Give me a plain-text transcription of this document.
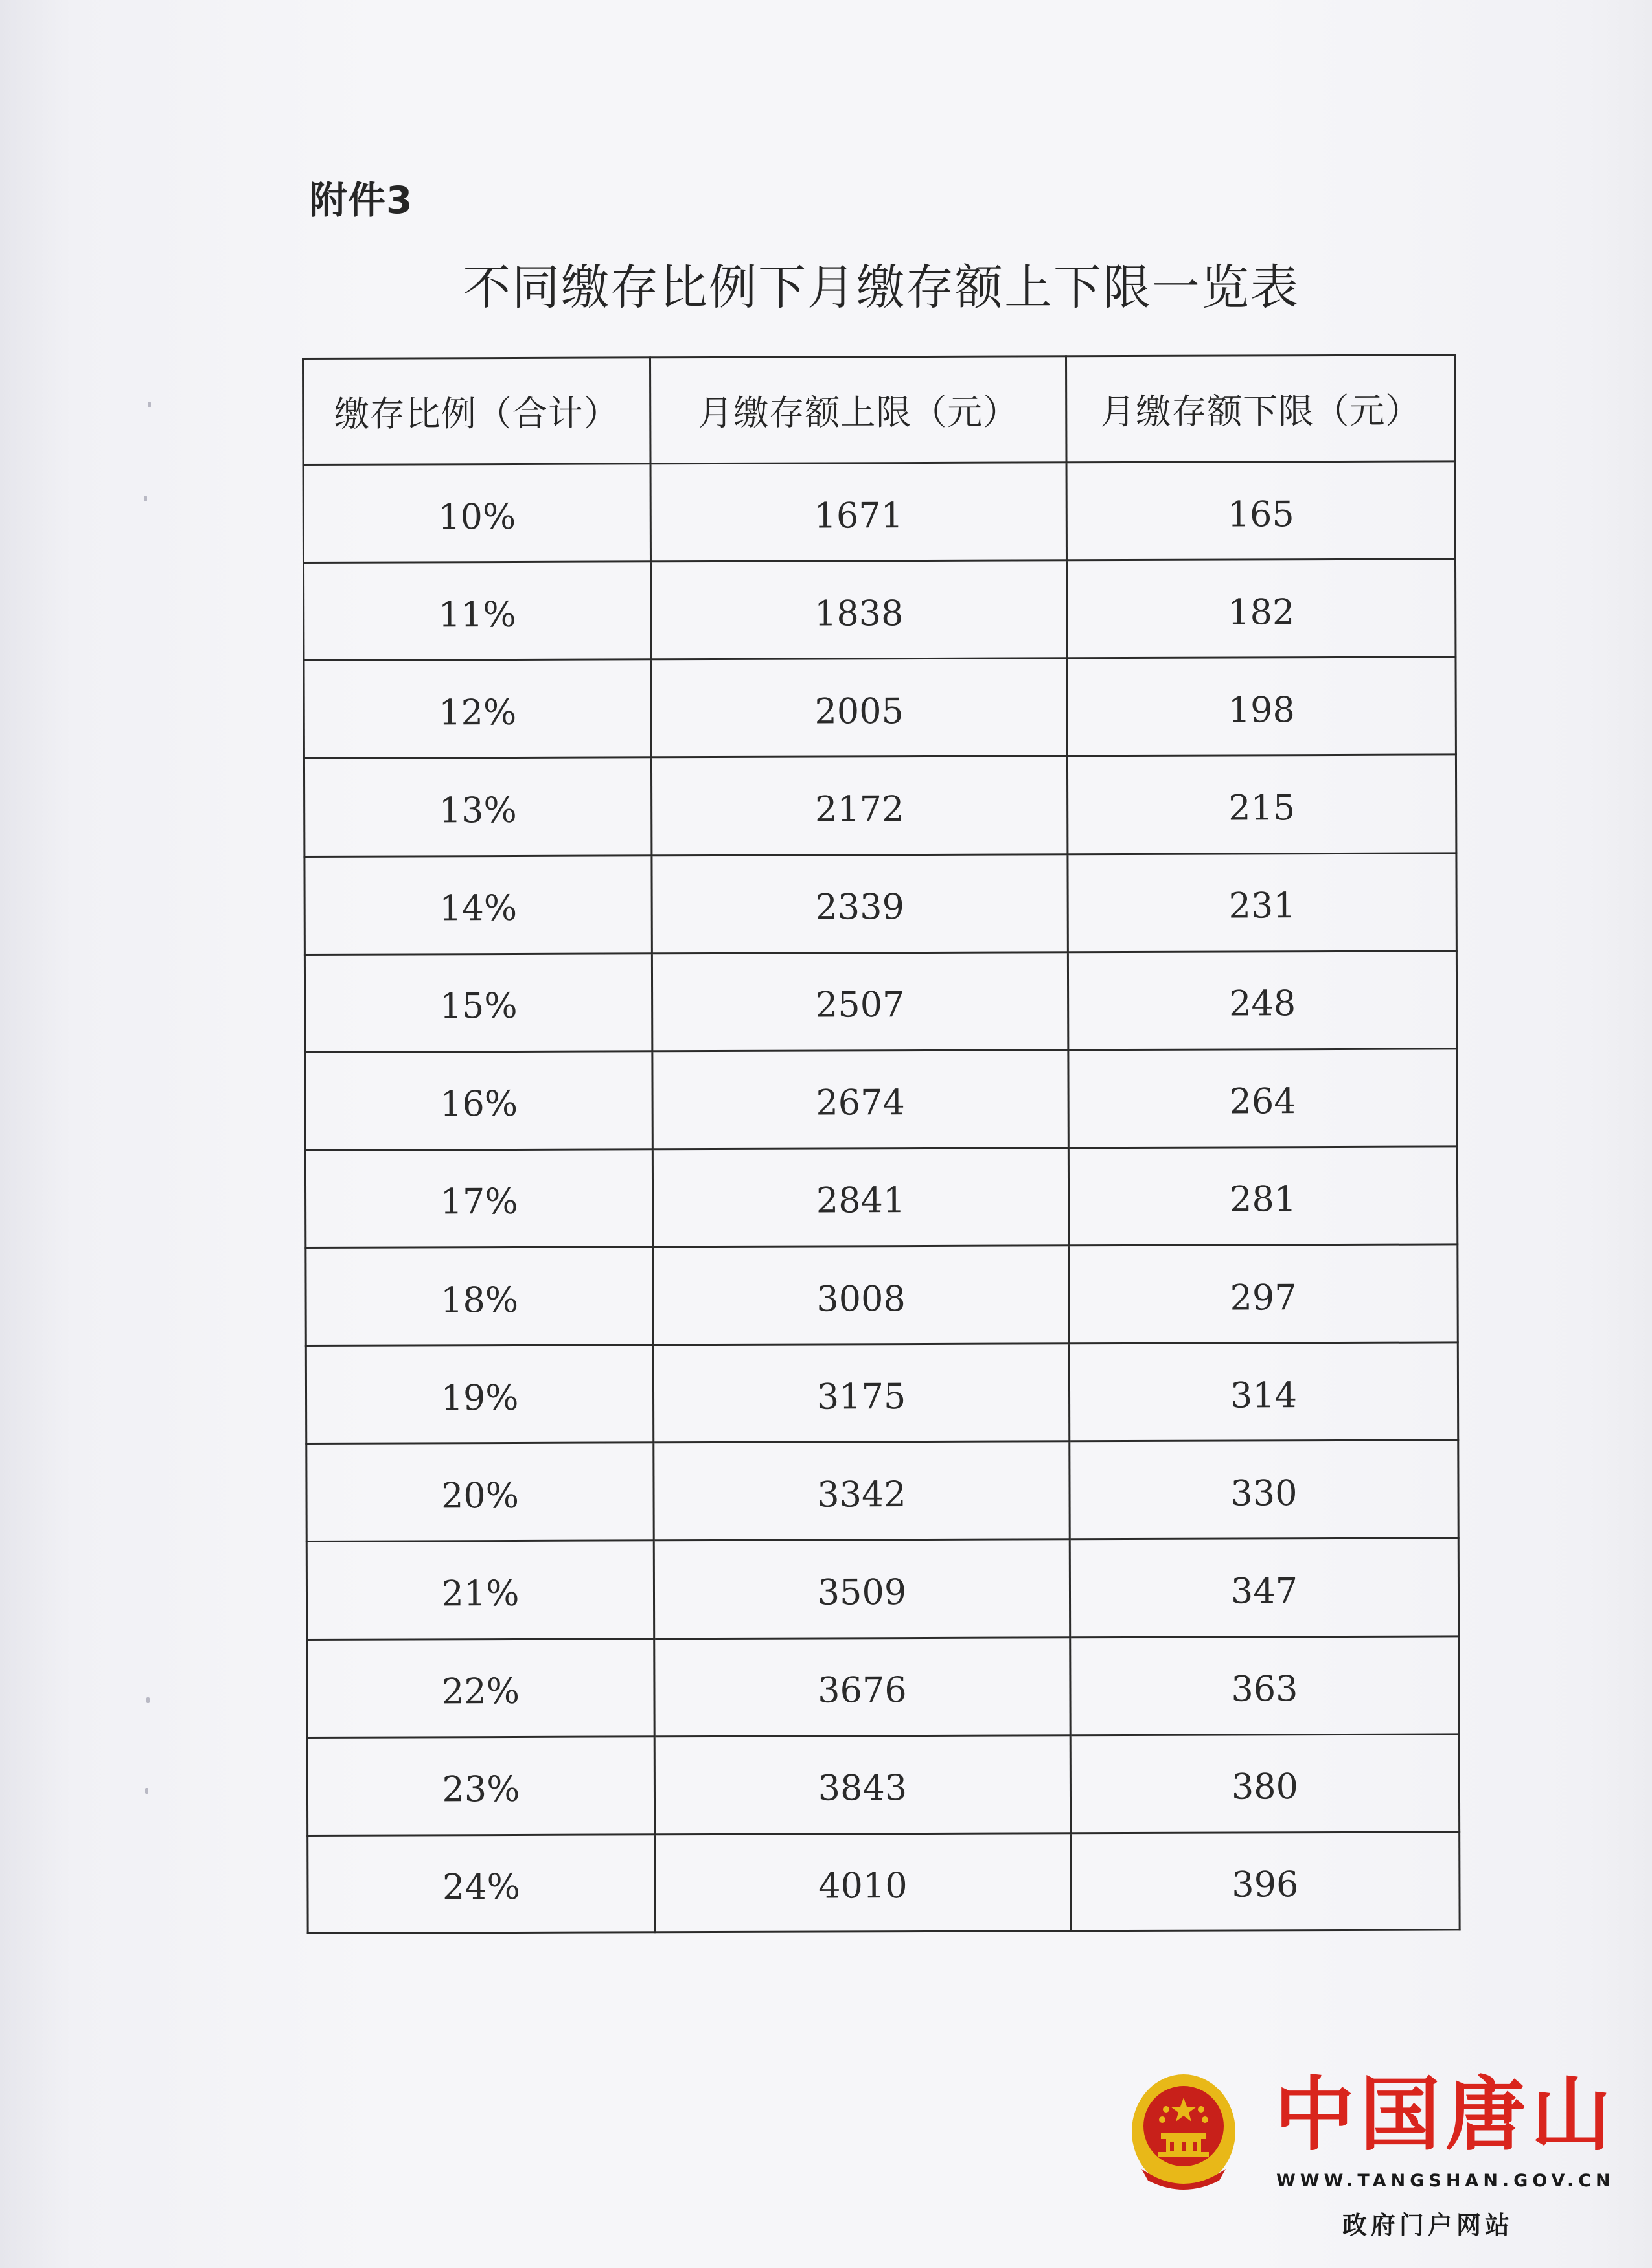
附件3
不同缴存比例下月缴存额上下限一览表
缴存比例（合计）	月缴存额上限（元）	月缴存额下限（元）
10%	1671	165
11%	1838	182
12%	2005	198
13%	2172	215
14%	2339	231
15%	2507	248
16%	2674	264
17%	2841	281
18%	3008	297
19%	3175	314
20%	3342	330
21%	3509	347
22%	3676	363
23%	3843	380
24%	4010	396
中国唐山
WWW.TANGSHAN.GOV.CN
政府门户网站
